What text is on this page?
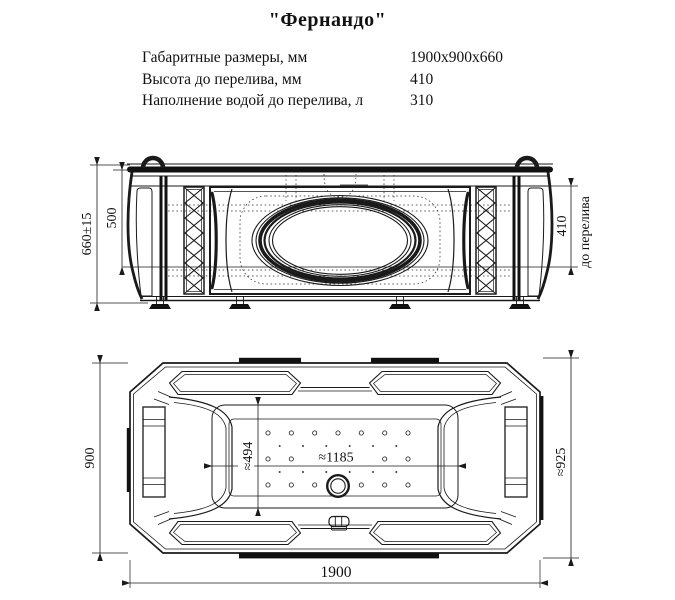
"Фернандо"
Габаритные размеры, мм	1900x900x660
Высота до перелива, мм	410
Наполнение водой до перелива, л	310
660±15 500	410 до перелива
900	≈925
≈494	≈1185
1900
